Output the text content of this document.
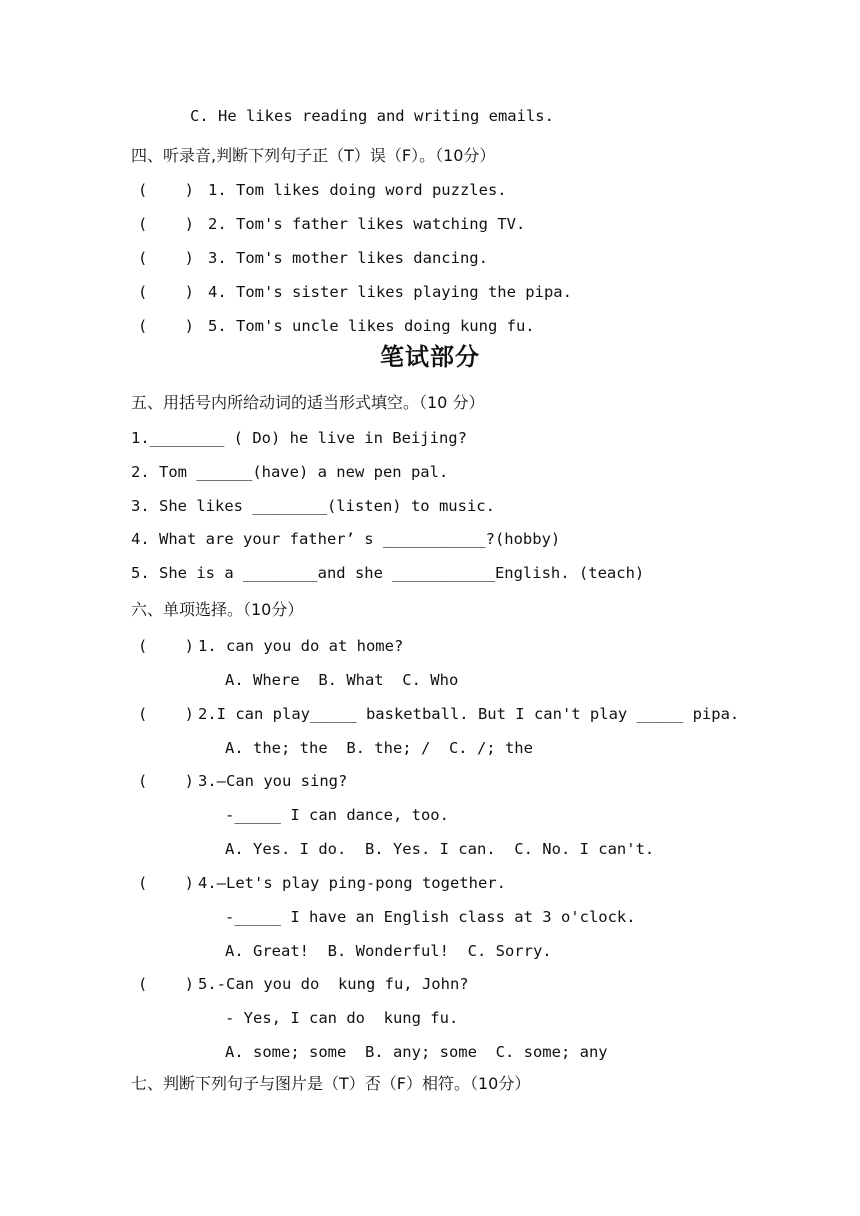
C. He likes reading and writing emails.
四、听录音,判断下列句子正（T）误（F）。（10分）
(    ) 1. Tom likes doing word puzzles.
(    ) 2. Tom's father likes watching TV.
(    ) 3. Tom's mother likes dancing.
(    ) 4. Tom's sister likes playing the pipa.
(    ) 5. Tom's uncle likes doing kung fu.
笔试部分
五、用括号内所给动词的适当形式填空。（10 分）
1.________ ( Do) he live in Beijing?
2. Tom ______(have) a new pen pal.
3. She likes ________(listen) to music.
4. What are your father’ s ___________?(hobby)
5. She is a ________and she ___________English. (teach)
六、单项选择。（10分）
(    ) 1. can you do at home?
A. Where  B. What  C. Who
(    ) 2.I can play_____ basketball. But I can't play _____ pipa.
A. the; the  B. the; /  C. /; the
(    ) 3.—Can you sing?
-_____ I can dance, too.
A. Yes. I do.  B. Yes. I can.  C. No. I can't.
(    ) 4.—Let's play ping-pong together.
-_____ I have an English class at 3 o'clock.
A. Great!  B. Wonderful!  C. Sorry.
(    ) 5.-Can you do  kung fu, John?
- Yes, I can do  kung fu.
A. some; some  B. any; some  C. some; any
七、判断下列句子与图片是（T）否（F）相符。（10分）
